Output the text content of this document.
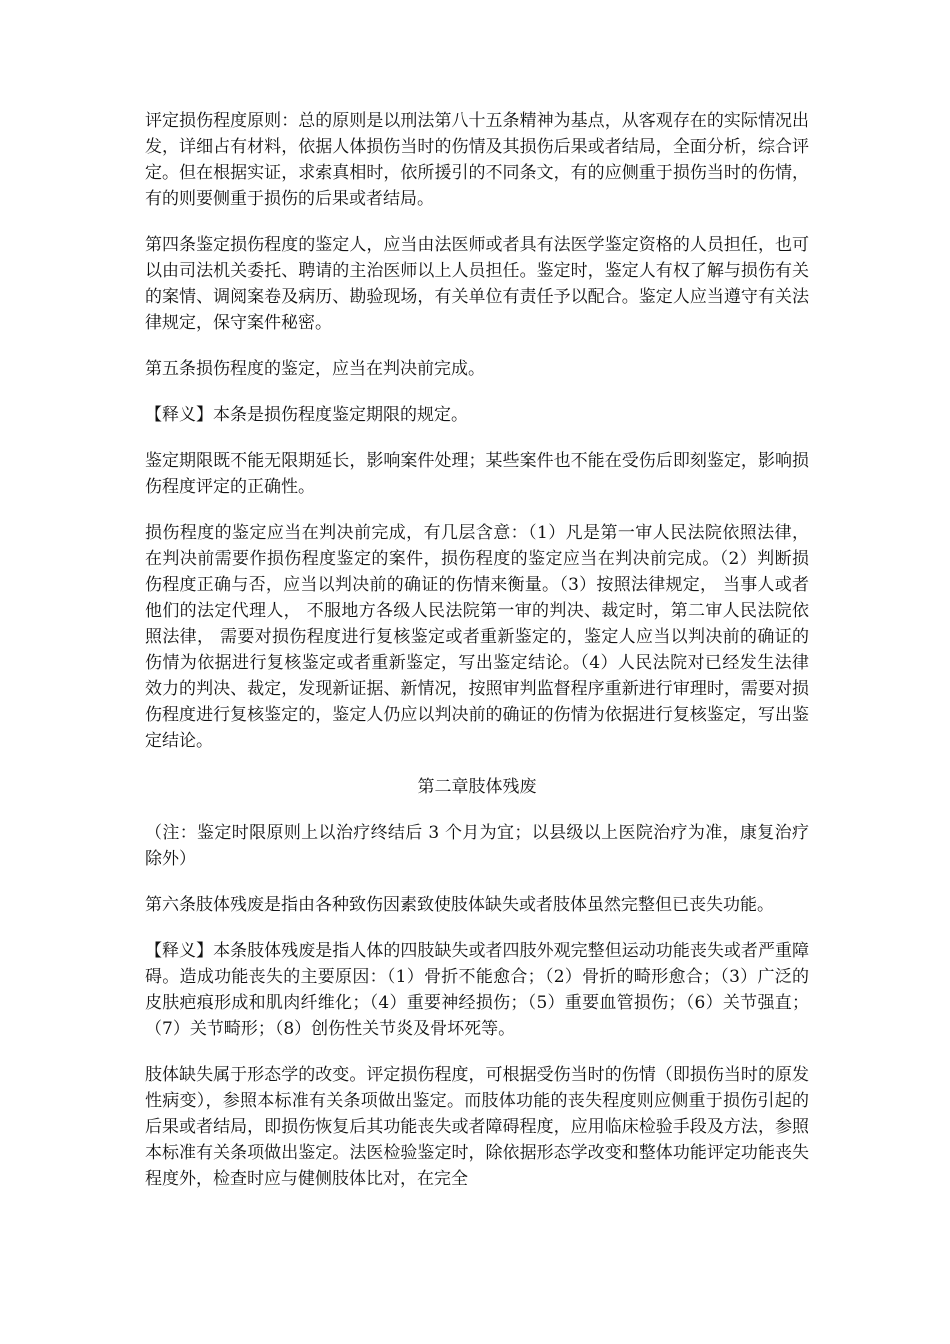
评定损伤程度原则：总的原则是以刑法第八十五条精神为基点，从客观存在的实际情况出发，详细占有材料，依据人体损伤当时的伤情及其损伤后果或者结局，全面分析，综合评定。但在根据实证，求索真相时，依所援引的不同条文，有的应侧重于损伤当时的伤情，有的则要侧重于损伤的后果或者结局。

第四条鉴定损伤程度的鉴定人，应当由法医师或者具有法医学鉴定资格的人员担任，也可以由司法机关委托、聘请的主治医师以上人员担任。鉴定时，鉴定人有权了解与损伤有关的案情、调阅案卷及病历、勘验现场，有关单位有责任予以配合。鉴定人应当遵守有关法律规定，保守案件秘密。

第五条损伤程度的鉴定，应当在判决前完成。

【释义】本条是损伤程度鉴定期限的规定。

鉴定期限既不能无限期延长，影响案件处理；某些案件也不能在受伤后即刻鉴定，影响损伤程度评定的正确性。

损伤程度的鉴定应当在判决前完成，有几层含意：（1）凡是第一审人民法院依照法律，在判决前需要作损伤程度鉴定的案件，损伤程度的鉴定应当在判决前完成。（2）判断损伤程度正确与否，应当以判决前的确证的伤情来衡量。（3）按照法律规定， 当事人或者他们的法定代理人， 不服地方各级人民法院第一审的判决、裁定时，第二审人民法院依照法律， 需要对损伤程度进行复核鉴定或者重新鉴定的，鉴定人应当以判决前的确证的伤情为依据进行复核鉴定或者重新鉴定，写出鉴定结论。（4）人民法院对已经发生法律效力的判决、裁定，发现新证据、新情况，按照审判监督程序重新进行审理时，需要对损伤程度进行复核鉴定的，鉴定人仍应以判决前的确证的伤情为依据进行复核鉴定，写出鉴定结论。

第二章肢体残废

（注：鉴定时限原则上以治疗终结后 3 个月为宜；以县级以上医院治疗为准，康复治疗除外）

第六条肢体残废是指由各种致伤因素致使肢体缺失或者肢体虽然完整但已丧失功能。

【释义】本条肢体残废是指人体的四肢缺失或者四肢外观完整但运动功能丧失或者严重障碍。造成功能丧失的主要原因：（1）骨折不能愈合；（2）骨折的畸形愈合；（3）广泛的皮肤疤痕形成和肌肉纤维化；（4）重要神经损伤；（5）重要血管损伤；（6）关节强直；（7）关节畸形；（8）创伤性关节炎及骨坏死等。

肢体缺失属于形态学的改变。评定损伤程度，可根据受伤当时的伤情（即损伤当时的原发性病变），参照本标准有关条项做出鉴定。而肢体功能的丧失程度则应侧重于损伤引起的后果或者结局，即损伤恢复后其功能丧失或者障碍程度，应用临床检验手段及方法，参照本标准有关条项做出鉴定。法医检验鉴定时，除依据形态学改变和整体功能评定功能丧失程度外，检查时应与健侧肢体比对，在完全
